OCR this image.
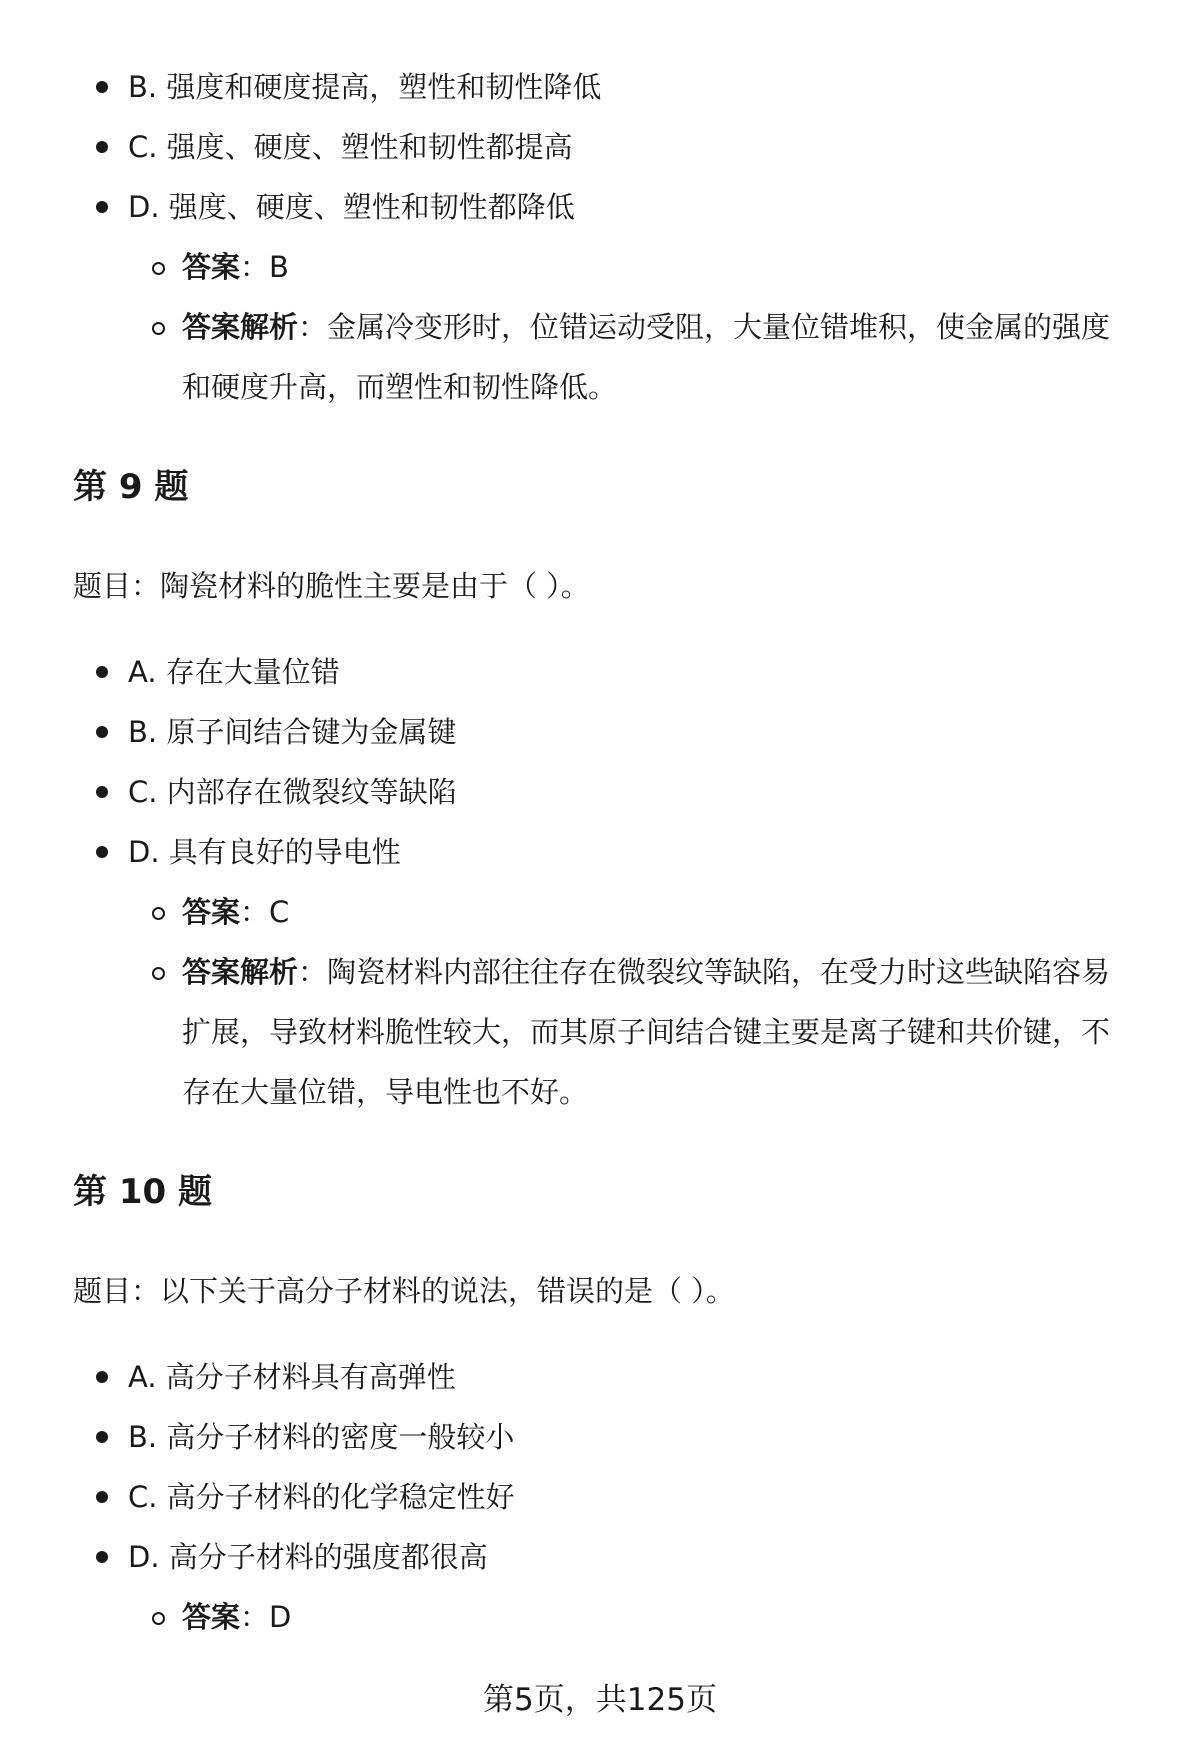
B. 强度和硬度提高，塑性和韧性降低
C. 强度、硬度、塑性和韧性都提高
D. 强度、硬度、塑性和韧性都降低
答案：B
答案解析：金属冷变形时，位错运动受阻，大量位错堆积，使金属的强度
和硬度升高，而塑性和韧性降低。
第 9 题
题目：陶瓷材料的脆性主要是由于（ ）。
A. 存在大量位错
B. 原子间结合键为金属键
C. 内部存在微裂纹等缺陷
D. 具有良好的导电性
答案：C
答案解析：陶瓷材料内部往往存在微裂纹等缺陷，在受力时这些缺陷容易
扩展，导致材料脆性较大，而其原子间结合键主要是离子键和共价键，不
存在大量位错，导电性也不好。
第 10 题
题目：以下关于高分子材料的说法，错误的是（ ）。
A. 高分子材料具有高弹性
B. 高分子材料的密度一般较小
C. 高分子材料的化学稳定性好
D. 高分子材料的强度都很高
答案：D
第5页，共125页
